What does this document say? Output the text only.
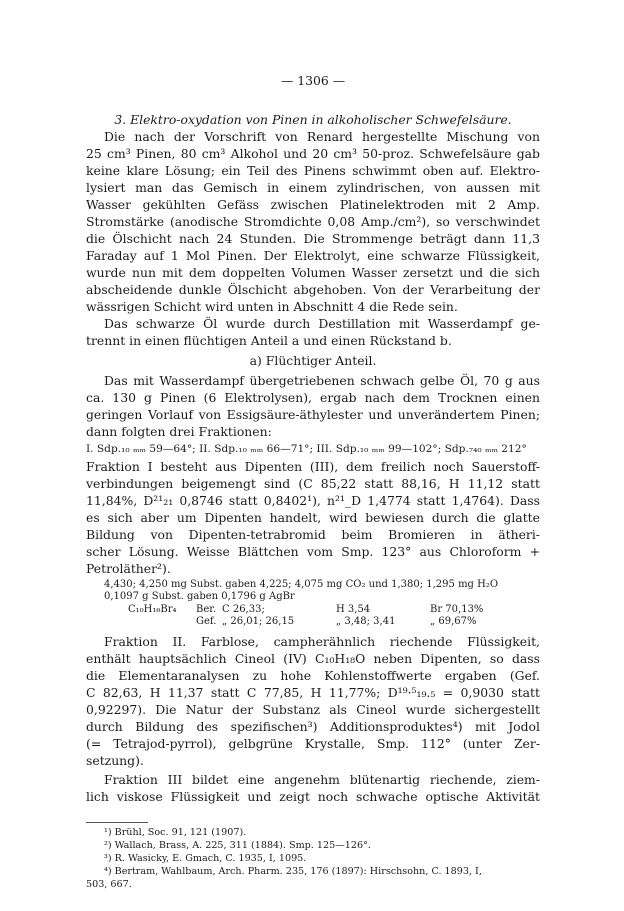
— 1306 —
3. Elektro-oxydation von Pinen in alkoholischer Schwefelsäure.
Die nach der Vorschrift von Renard hergestellte Mischung von
25 cm³ Pinen, 80 cm³ Alkohol und 20 cm³ 50-proz. Schwefelsäure gab
keine klare Lösung; ein Teil des Pinens schwimmt oben auf. Elektro-
lysiert man das Gemisch in einem zylindrischen, von aussen mit
Wasser gekühlten Gefäss zwischen Platinelektroden mit 2 Amp.
Stromstärke (anodische Stromdichte 0,08 Amp./cm²), so verschwindet
die Ölschicht nach 24 Stunden. Die Strommenge beträgt dann 11,3
Faraday auf 1 Mol Pinen. Der Elektrolyt, eine schwarze Flüssigkeit,
wurde nun mit dem doppelten Volumen Wasser zersetzt und die sich
abscheidende dunkle Ölschicht abgehoben. Von der Verarbeitung der
wässrigen Schicht wird unten in Abschnitt 4 die Rede sein.
Das schwarze Öl wurde durch Destillation mit Wasserdampf ge-
trennt in einen flüchtigen Anteil a und einen Rückstand b.
a) Flüchtiger Anteil.
Das mit Wasserdampf übergetriebenen schwach gelbe Öl, 70 g aus
ca. 130 g Pinen (6 Elektrolysen), ergab nach dem Trocknen einen
geringen Vorlauf von Essigsäure-äthylester und unverändertem Pinen;
dann folgten drei Fraktionen:
I. Sdp.₁₀ ₘₘ 59—64°; II. Sdp.₁₀ ₘₘ 66—71°; III. Sdp.₁₀ ₘₘ 99—102°; Sdp.₇₄₀ ₘₘ 212°
Fraktion I besteht aus Dipenten (III), dem freilich noch Sauerstoff-
verbindungen beigemengt sind (C 85,22 statt 88,16, H 11,12 statt
11,84%, D²¹₂₁ 0,8746 statt 0,8402¹), n²¹_D 1,4774 statt 1,4764). Dass
es sich aber um Dipenten handelt, wird bewiesen durch die glatte
Bildung von Dipenten-tetrabromid beim Bromieren in ätheri-
scher Lösung. Weisse Blättchen vom Smp. 123° aus Chloroform +
Petroläther²).
4,430; 4,250 mg Subst. gaben 4,225; 4,075 mg CO₂ und 1,380; 1,295 mg H₂O
0,1097 g Subst. gaben 0,1796 g AgBr
C₁₀H₁₆Br₄ Ber. C 26,33;	H 3,54	Br 70,13%
Gef. „ 26,01; 26,15	„ 3,48; 3,41	„ 69,67%
Fraktion II. Farblose, campherähnlich riechende Flüssigkeit,
enthält hauptsächlich Cineol (IV) C₁₀H₁₈O neben Dipenten, so dass
die Elementaranalysen zu hohe Kohlenstoffwerte ergaben (Gef.
C 82,63, H 11,37 statt C 77,85, H 11,77%; D¹⁹·⁵₁₉.₅ = 0,9030 statt
0,92297). Die Natur der Substanz als Cineol wurde sichergestellt
durch Bildung des spezifischen³) Additionsproduktes⁴) mit Jodol
(= Tetrajod-pyrrol), gelbgrüne Krystalle, Smp. 112° (unter Zer-
setzung).
Fraktion III bildet eine angenehm blütenartig riechende, ziem-
lich viskose Flüssigkeit und zeigt noch schwache optische Aktivität
¹) Brühl, Soc. 91, 121 (1907).
²) Wallach, Brass, A. 225, 311 (1884). Smp. 125—126°.
³) R. Wasicky, E. Gmach, C. 1935, I, 1095.
⁴) Bertram, Wahlbaum, Arch. Pharm. 235, 176 (1897): Hirschsohn, C. 1893, I,
503, 667.
